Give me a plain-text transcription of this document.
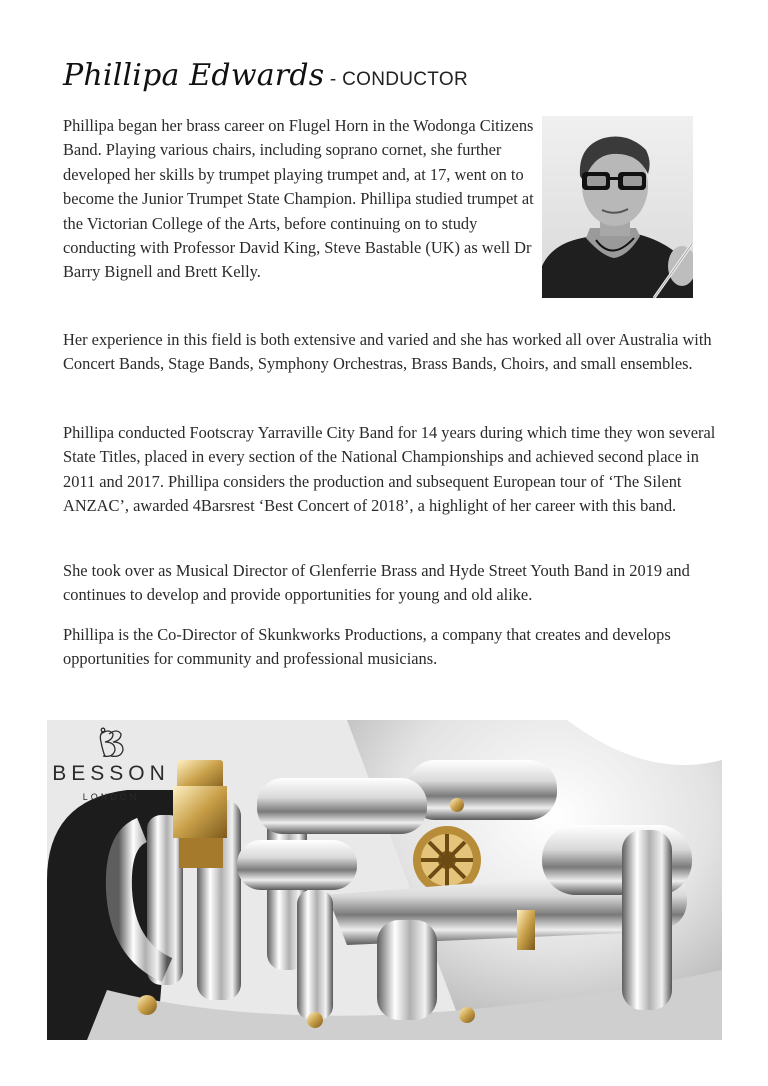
Phillipa Edwards - CONDUCTOR

Phillipa began her brass career on Flugel Horn in the Wodonga Citizens Band. Playing various chairs, including soprano cornet, she further developed her skills by trumpet playing trumpet and, at 17, went on to become the Junior Trumpet State Champion. Phillipa studied trumpet at the Victorian College of the Arts, before continuing on to study conducting with Professor David King, Steve Bastable (UK) as well Dr Barry Bignell and Brett Kelly.

Her experience in this field is both extensive and varied and she has worked all over Australia with Concert Bands, Stage Bands, Symphony Orchestras, Brass Bands, Choirs, and small ensembles.

Phillipa conducted Footscray Yarraville City Band for 14 years during which time they won several State Titles, placed in every section of the National Championships and achieved second place in 2011 and 2017. Phillipa considers the production and subsequent European tour of ‘The Silent ANZAC’, awarded 4Barsrest ‘Best Concert of 2018’, a highlight of her career with this band.

She took over as Musical Director of Glenferrie Brass and Hyde Street Youth Band in 2019 and continues to develop and provide opportunities for young and old alike.

Phillipa is the Co-Director of Skunkworks Productions, a company that creates and develops opportunities for community and professional musicians.

BESSON
LONDON
